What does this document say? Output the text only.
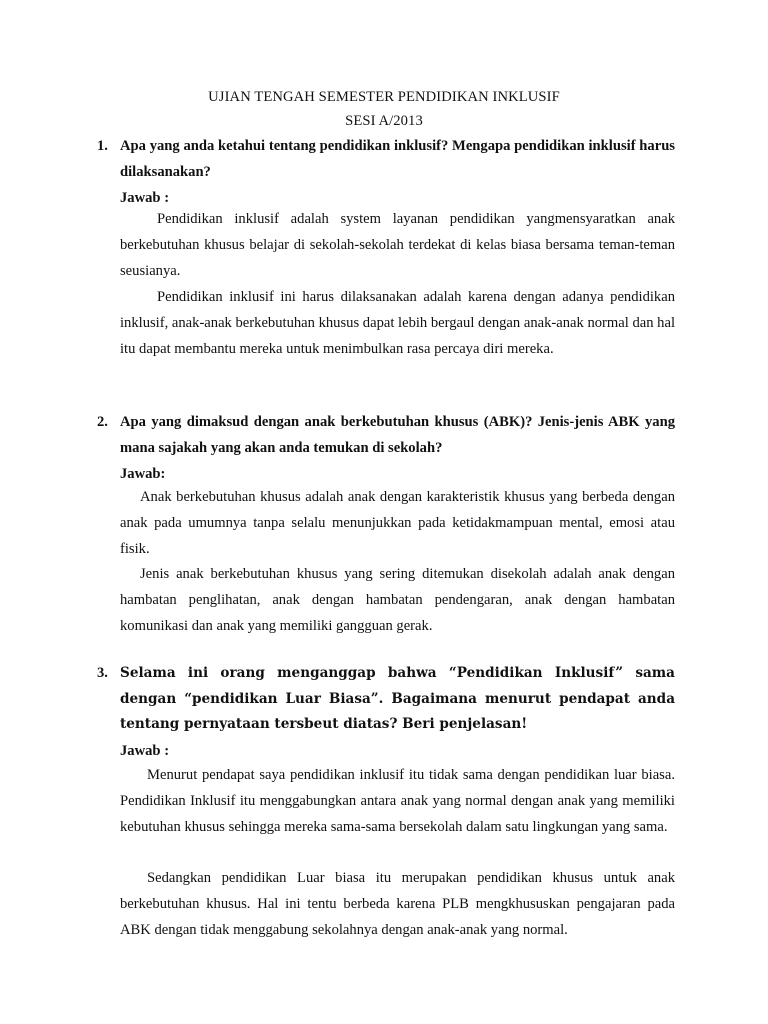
UJIAN TENGAH SEMESTER PENDIDIKAN INKLUSIF
SESI A/2013
1. Apa yang anda ketahui tentang pendidikan inklusif? Mengapa pendidikan inklusif harus dilaksanakan?
Jawab :
Pendidikan inklusif adalah system layanan pendidikan yangmensyaratkan anak berkebutuhan khusus belajar di sekolah-sekolah terdekat di kelas biasa bersama teman-teman seusianya.
Pendidikan inklusif ini harus dilaksanakan adalah karena dengan adanya pendidikan inklusif, anak-anak berkebutuhan khusus dapat lebih bergaul dengan anak-anak normal dan hal itu dapat membantu mereka untuk menimbulkan rasa percaya diri mereka.
2. Apa yang dimaksud dengan anak berkebutuhan khusus (ABK)? Jenis-jenis ABK yang mana sajakah yang akan anda temukan di sekolah?
Jawab:
Anak berkebutuhan khusus adalah anak dengan karakteristik khusus yang berbeda dengan anak pada umumnya tanpa selalu menunjukkan pada ketidakmampuan mental, emosi atau fisik.
Jenis anak berkebutuhan khusus yang sering ditemukan disekolah adalah anak dengan hambatan penglihatan, anak dengan hambatan pendengaran, anak dengan hambatan komunikasi dan anak yang memiliki gangguan gerak.
3. Selama ini orang menganggap bahwa “Pendidikan Inklusif” sama dengan “pendidikan Luar Biasa”. Bagaimana menurut pendapat anda tentang pernyataan tersbeut diatas? Beri penjelasan!
Jawab :
Menurut pendapat saya pendidikan inklusif itu tidak sama dengan pendidikan luar biasa. Pendidikan Inklusif itu menggabungkan antara anak yang normal dengan anak yang memiliki kebutuhan khusus sehingga mereka sama-sama bersekolah dalam satu lingkungan yang sama.
Sedangkan pendidikan Luar biasa itu merupakan pendidikan khusus untuk anak berkebutuhan khusus. Hal ini tentu berbeda karena PLB mengkhususkan pengajaran pada ABK dengan tidak menggabung sekolahnya dengan anak-anak yang normal.
